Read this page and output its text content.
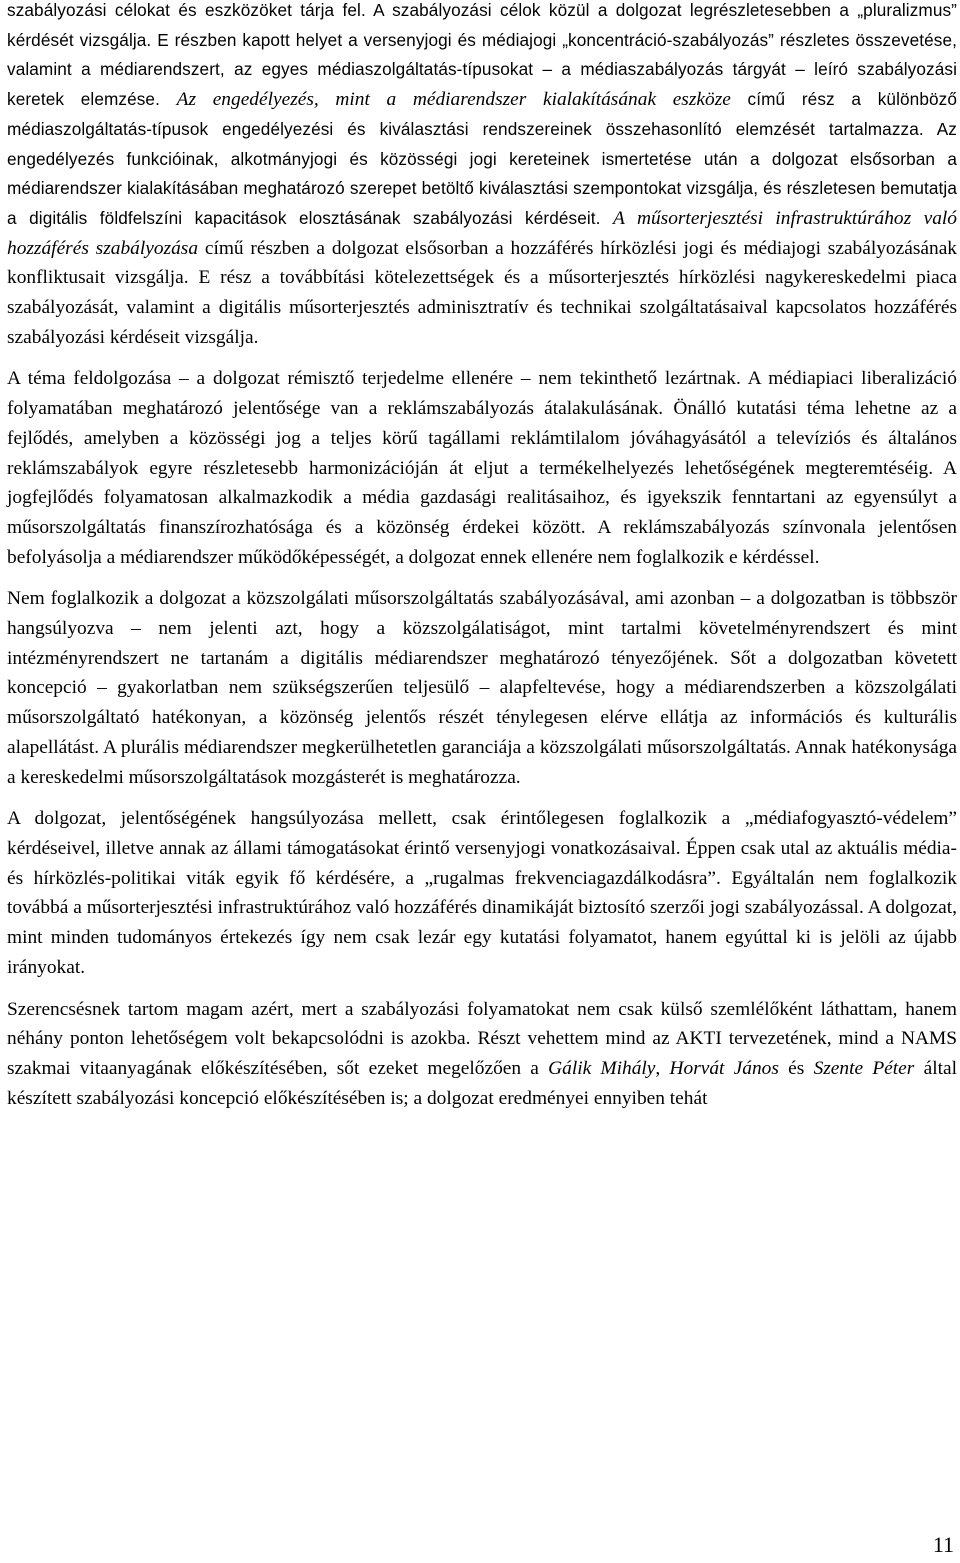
szabályozási célokat és eszközöket tárja fel. A szabályozási célok közül a dolgozat legrészletesebben a „pluralizmus” kérdését vizsgálja. E részben kapott helyet a versenyjogi és médiajogi „koncentráció-szabályozás” részletes összevetése, valamint a médiarendszert, az egyes médiaszolgáltatás-típusokat – a médiaszabályozás tárgyát – leíró szabályozási keretek elemzése. Az engedélyezés, mint a médiarendszer kialakításának eszköze című rész a különböző médiaszolgáltatás-típusok engedélyezési és kiválasztási rendszereinek összehasonlító elemzését tartalmazza. Az engedélyezés funkcióinak, alkotmányjogi és közösségi jogi kereteinek ismertetése után a dolgozat elsősorban a médiarendszer kialakításában meghatározó szerepet betöltő kiválasztási szempontokat vizsgálja, és részletesen bemutatja a digitális földfelszíni kapacitások elosztásának szabályozási kérdéseit. A műsorterjesztési infrastruktúrához való hozzáférés szabályozása című részben a dolgozat elsősorban a hozzáférés hírközlési jogi és médiajogi szabályozásának konfliktusait vizsgálja. E rész a továbbítási kötelezettségek és a műsorterjesztés hírközlési nagykereskedelmi piaca szabályozását, valamint a digitális műsorterjesztés adminisztratív és technikai szolgáltatásaival kapcsolatos hozzáférés szabályozási kérdéseit vizsgálja.

A téma feldolgozása – a dolgozat rémisztő terjedelme ellenére – nem tekinthető lezártnak. A médiapiaci liberalizáció folyamatában meghatározó jelentősége van a reklámszabályozás átalakulásának. Önálló kutatási téma lehetne az a fejlődés, amelyben a közösségi jog a teljes körű tagállami reklámtilalom jóváhagyásától a televíziós és általános reklámszabályok egyre részletesebb harmonizációján át eljut a termékelhelyezés lehetőségének megteremtéséig. A jogfejlődés folyamatosan alkalmazkodik a média gazdasági realitásaihoz, és igyekszik fenntartani az egyensúlyt a műsorszolgáltatás finanszírozhatósága és a közönség érdekei között. A reklámszabályozás színvonala jelentősen befolyásolja a médiarendszer működőképességét, a dolgozat ennek ellenére nem foglalkozik e kérdéssel.

Nem foglalkozik a dolgozat a közszolgálati műsorszolgáltatás szabályozásával, ami azonban – a dolgozatban is többször hangsúlyozva – nem jelenti azt, hogy a közszolgálatiságot, mint tartalmi követelményrendszert és mint intézményrendszert ne tartanám a digitális médiarendszer meghatározó tényezőjének. Sőt a dolgozatban követett koncepció – gyakorlatban nem szükségszerűen teljesülő – alapfeltevése, hogy a médiarendszerben a közszolgálati műsorszolgáltató hatékonyan, a közönség jelentős részét ténylegesen elérve ellátja az információs és kulturális alapellátást. A plurális médiarendszer megkerülhetetlen garanciája a közszolgálati műsorszolgáltatás. Annak hatékonysága a kereskedelmi műsorszolgáltatások mozgásterét is meghatározza.

A dolgozat, jelentőségének hangsúlyozása mellett, csak érintőlegesen foglalkozik a „médiafogyasztó-védelem” kérdéseivel, illetve annak az állami támogatásokat érintő versenyjogi vonatkozásaival. Éppen csak utal az aktuális média- és hírközlés-politikai viták egyik fő kérdésére, a „rugalmas frekvenciagazdálkodásra”. Egyáltalán nem foglalkozik továbbá a műsorterjesztési infrastruktúrához való hozzáférés dinamikáját biztosító szerzői jogi szabályozással. A dolgozat, mint minden tudományos értekezés így nem csak lezár egy kutatási folyamatot, hanem egyúttal ki is jelöli az újabb irányokat.

Szerencsésnek tartom magam azért, mert a szabályozási folyamatokat nem csak külső szemlélőként láthattam, hanem néhány ponton lehetőségem volt bekapcsolódni is azokba. Részt vehettem mind az AKTI tervezetének, mind a NAMS szakmai vitaanyagának előkészítésében, sőt ezeket megelőzően a Gálik Mihály, Horvát János és Szente Péter által készített szabályozási koncepció előkészítésében is; a dolgozat eredményei ennyiben tehát

11
